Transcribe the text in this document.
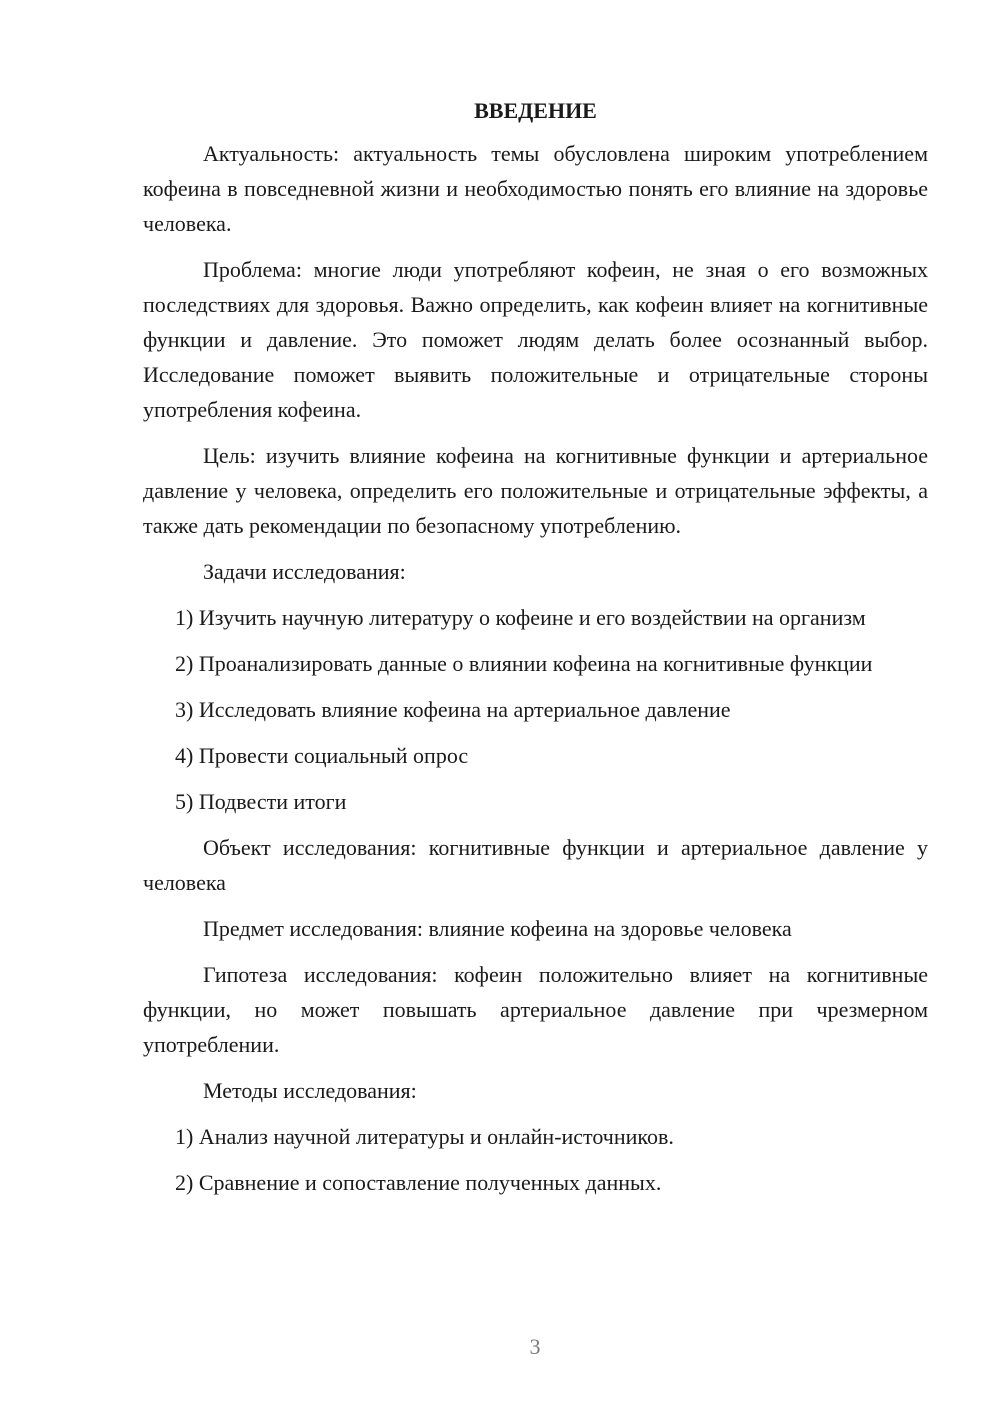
ВВЕДЕНИЕ

Актуальность: актуальность темы обусловлена широким употреблением кофеина в повседневной жизни и необходимостью понять его влияние на здоровье человека.

Проблема: многие люди употребляют кофеин, не зная о его возможных последствиях для здоровья. Важно определить, как кофеин влияет на когнитивные функции и давление. Это поможет людям делать более осознанный выбор. Исследование поможет выявить положительные и отрицательные стороны употребления кофеина.

Цель: изучить влияние кофеина на когнитивные функции и артериальное давление у человека, определить его положительные и отрицательные эффекты, а также дать рекомендации по безопасному употреблению.

Задачи исследования:

1) Изучить научную литературу о кофеине и его воздействии на организм

2) Проанализировать данные о влиянии кофеина на когнитивные функции

3) Исследовать влияние кофеина на артериальное давление

4) Провести социальный опрос

5) Подвести итоги

Объект исследования: когнитивные функции и артериальное давление у человека

Предмет исследования: влияние кофеина на здоровье человека

Гипотеза исследования: кофеин положительно влияет на когнитивные функции, но может повышать артериальное давление при чрезмерном употреблении.

Методы исследования:

1) Анализ научной литературы и онлайн-источников.

2) Сравнение и сопоставление полученных данных.

3
